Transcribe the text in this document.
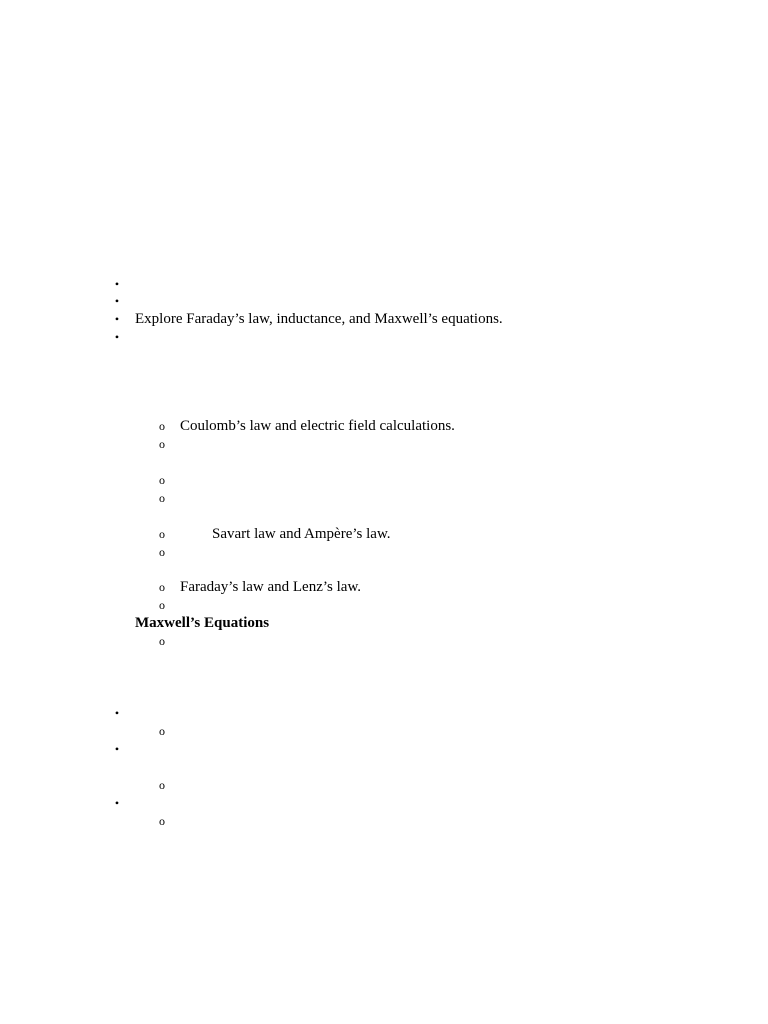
•
•
• Explore Faraday’s law, inductance, and Maxwell’s equations.
•
o Coulomb’s law and electric field calculations.
o
o
o
o	Savart law and Ampère’s law.
o
o Faraday’s law and Lenz’s law.
o
Maxwell’s Equations
o
•
o
•
o
•
o
